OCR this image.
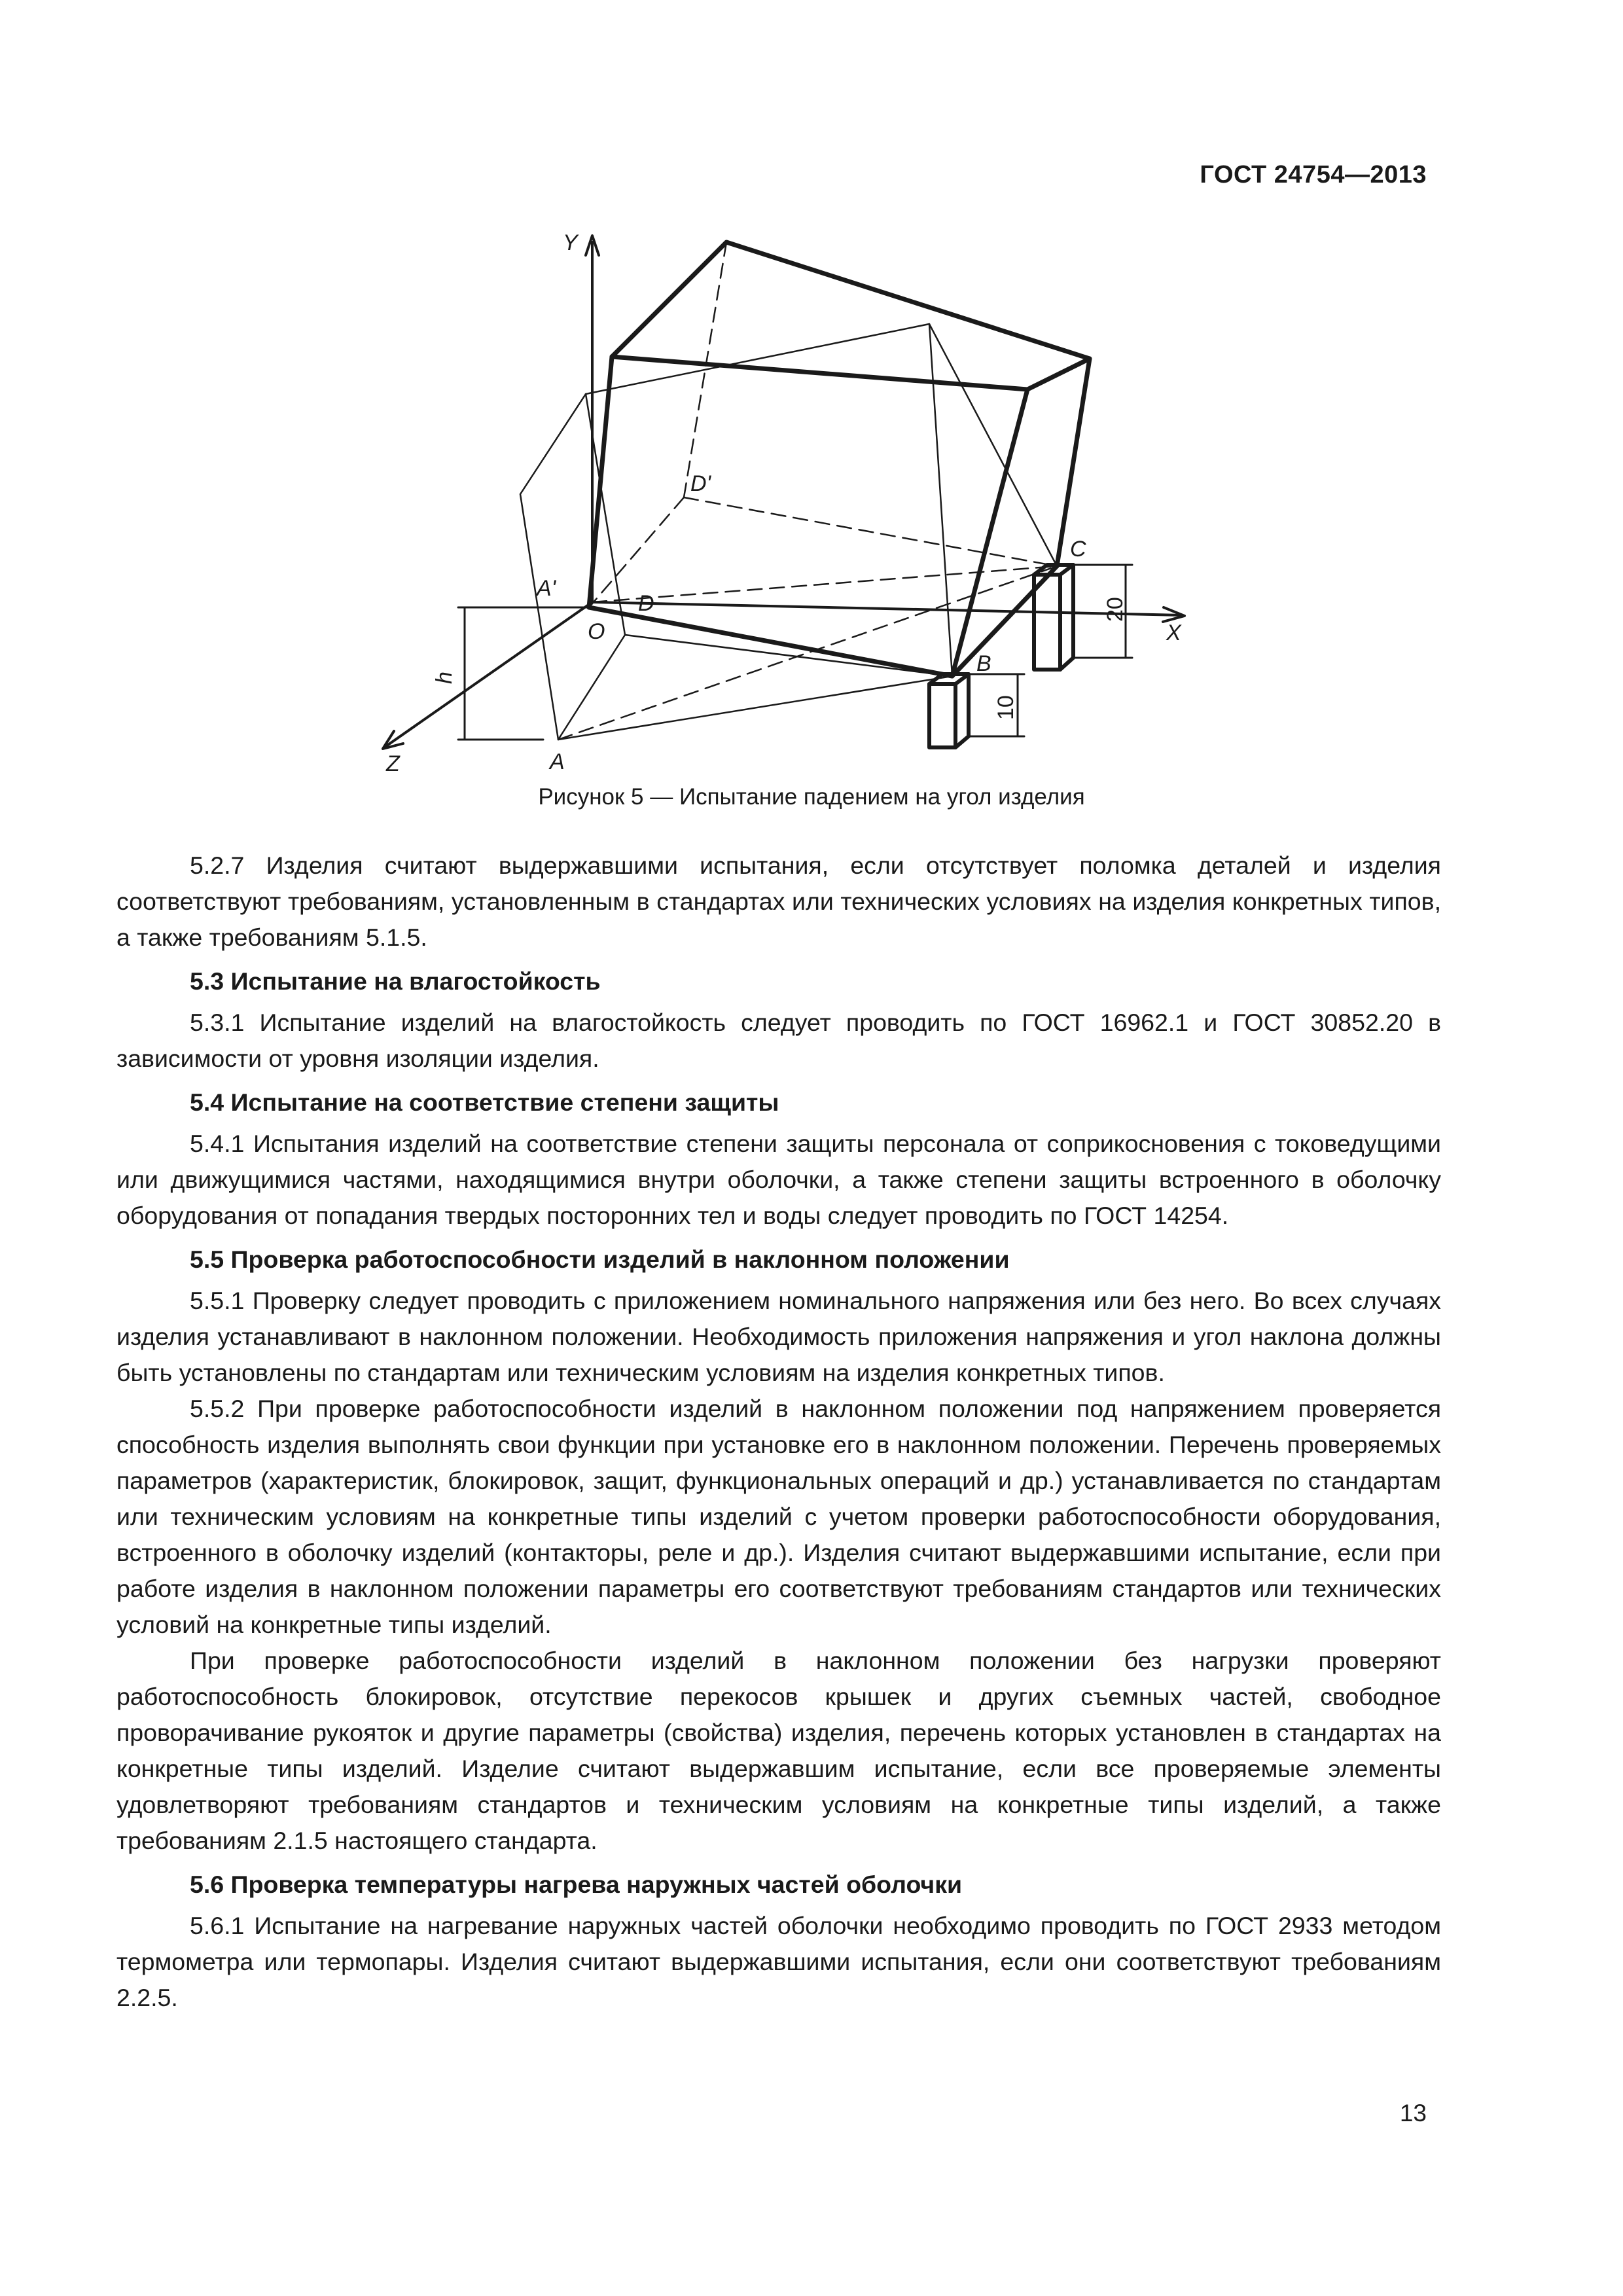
ГОСТ 24754—2013
Y
X
Z
O
A
A'
D
D'
B
C
h
10
20
Рисунок 5 — Испытание падением на угол изделия

5.2.7 Изделия считают выдержавшими испытания, если отсутствует поломка деталей и изделия соответствуют требованиям, установленным в стандартах или технических условиях на изделия конкретных типов, а также требованиям 5.1.5.

5.3 Испытание на влагостойкость

5.3.1 Испытание изделий на влагостойкость следует проводить по ГОСТ 16962.1 и ГОСТ 30852.20 в зависимости от уровня изоляции изделия.

5.4 Испытание на соответствие степени защиты

5.4.1 Испытания изделий на соответствие степени защиты персонала от соприкосновения с токоведущими или движущимися частями, находящимися внутри оболочки, а также степени защиты встроенного в оболочку оборудования от попадания твердых посторонних тел и воды следует проводить по ГОСТ 14254.

5.5 Проверка работоспособности изделий в наклонном положении

5.5.1 Проверку следует проводить с приложением номинального напряжения или без него. Во всех случаях изделия устанавливают в наклонном положении. Необходимость приложения напряжения и угол наклона должны быть установлены по стандартам или техническим условиям на изделия конкретных типов.

5.5.2 При проверке работоспособности изделий в наклонном положении под напряжением проверяется способность изделия выполнять свои функции при установке его в наклонном положении. Перечень проверяемых параметров (характеристик, блокировок, защит, функциональных операций и др.) устанавливается по стандартам или техническим условиям на конкретные типы изделий с учетом проверки работоспособности оборудования, встроенного в оболочку изделий (контакторы, реле и др.). Изделия считают выдержавшими испытание, если при работе изделия в наклонном положении параметры его соответствуют требованиям стандартов или технических условий на конкретные типы изделий.

При проверке работоспособности изделий в наклонном положении без нагрузки проверяют работоспособность блокировок, отсутствие перекосов крышек и других съемных частей, свободное проворачивание рукояток и другие параметры (свойства) изделия, перечень которых установлен в стандартах на конкретные типы изделий. Изделие считают выдержавшим испытание, если все проверяемые элементы удовлетворяют требованиям стандартов и техническим условиям на конкретные типы изделий, а также требованиям 2.1.5 настоящего стандарта.

5.6 Проверка температуры нагрева наружных частей оболочки

5.6.1 Испытание на нагревание наружных частей оболочки необходимо проводить по ГОСТ 2933 методом термометра или термопары. Изделия считают выдержавшими испытания, если они соответствуют требованиям 2.2.5.

13
